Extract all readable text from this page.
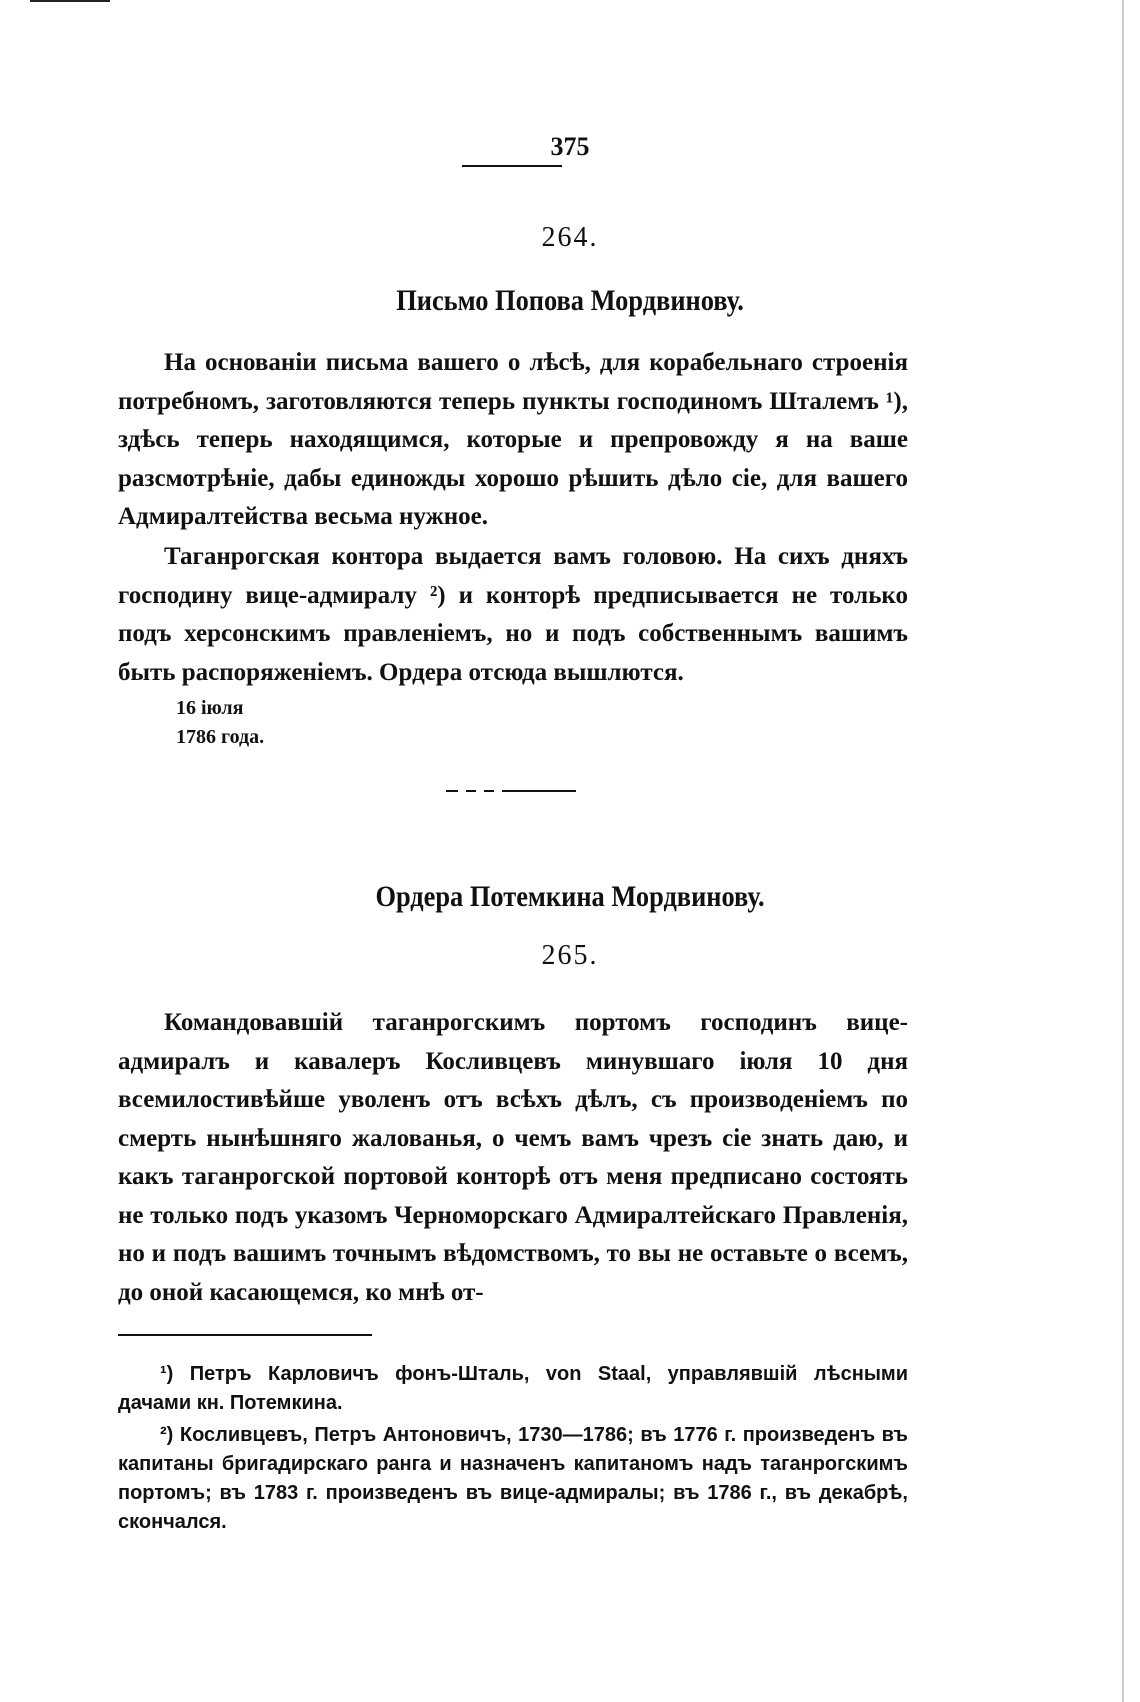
375
264.
Письмо Попова Мордвинову.
На основаніи письма вашего о лѣсѣ, для корабельнаго строенія потребномъ, заготовляются теперь пункты господиномъ Шталемъ ¹), здѣсь теперь находящимся, которые и препровожду я на ваше разсмотрѣніе, дабы единожды хорошо рѣшить дѣло сіе, для вашего Адмиралтейства весьма нужное.
Таганрогская контора выдается вамъ головою. На сихъ дняхъ господину вице-адмиралу ²) и конторѣ предписывается не только подъ херсонскимъ правленіемъ, но и подъ собственнымъ вашимъ быть распоряженіемъ. Ордера отсюда вышлются.
16 іюля
1786 года.
Ордера Потемкина Мордвинову.
265.
Командовавшій таганрогскимъ портомъ господинъ вице-адмиралъ и кавалеръ Косливцевъ минувшаго іюля 10 дня всемилостивѣйше уволенъ отъ всѣхъ дѣлъ, съ производеніемъ по смерть нынѣшняго жалованья, о чемъ вамъ чрезъ сіе знать даю, и какъ таганрогской портовой конторѣ отъ меня предписано состоять не только подъ указомъ Черноморскаго Адмиралтейскаго Правленія, но и подъ вашимъ точнымъ вѣдомствомъ, то вы не оставьте о всемъ, до оной касающемся, ко мнѣ от-
¹) Петръ Карловичъ фонъ-Шталь, von Staal, управлявшій лѣсными дачами кн. Потемкина.
²) Косливцевъ, Петръ Антоновичъ, 1730—1786; въ 1776 г. произведенъ въ капитаны бригадирскаго ранга и назначенъ капитаномъ надъ таганрогскимъ портомъ; въ 1783 г. произведенъ въ вице-адмиралы; въ 1786 г., въ декабрѣ, скончался.
